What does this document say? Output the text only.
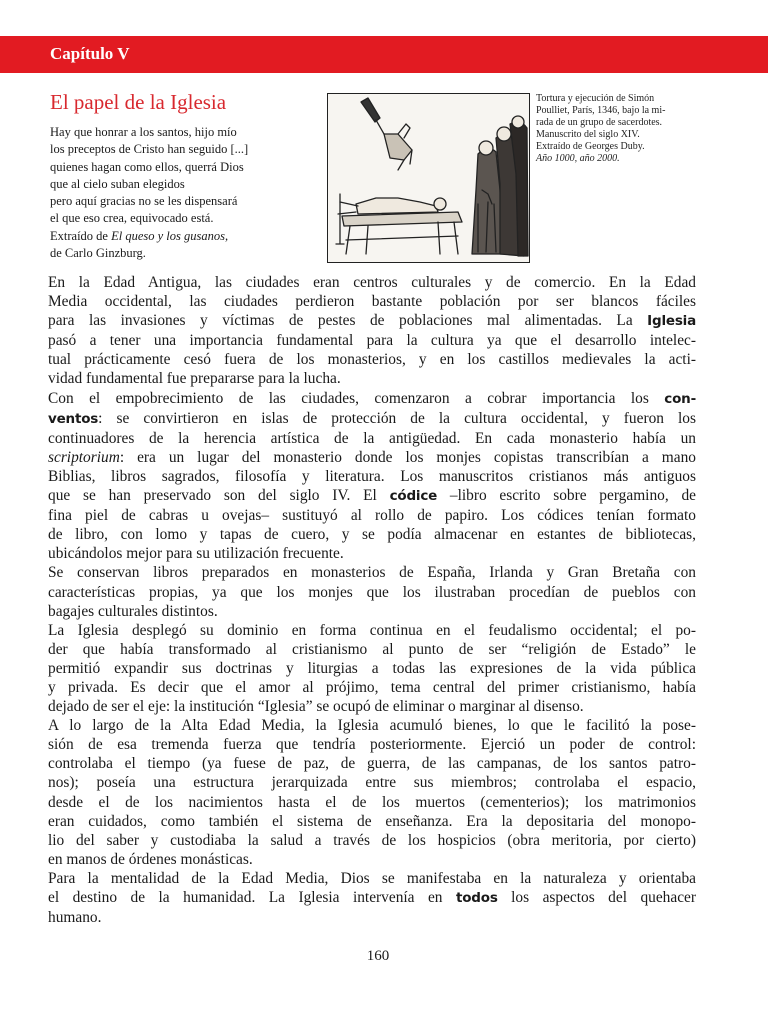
Capítulo V
El papel de la Iglesia
Hay que honrar a los santos, hijo mío
los preceptos de Cristo han seguido [...]
quienes hagan como ellos, querrá Dios
que al cielo suban elegidos
pero aquí gracias no se les dispensará
el que eso crea, equivocado está.
Extraído de El queso y los gusanos,
de Carlo Ginzburg.
Tortura y ejecución de Simón
Poulliet, París, 1346, bajo la mi-
rada de un grupo de sacerdotes.
Manuscrito del siglo XIV.
Extraído de Georges Duby.
Año 1000, año 2000.
En la Edad Antigua, las ciudades eran centros culturales y de comercio. En la Edad
Media occidental, las ciudades perdieron bastante población por ser blancos fáciles
para las invasiones y víctimas de pestes de poblaciones mal alimentadas. La Iglesia
pasó a tener una importancia fundamental para la cultura ya que el desarrollo intelec-
tual prácticamente cesó fuera de los monasterios, y en los castillos medievales la acti-
vidad fundamental fue prepararse para la lucha.
Con el empobrecimiento de las ciudades, comenzaron a cobrar importancia los con-
ventos: se convirtieron en islas de protección de la cultura occidental, y fueron los
continuadores de la herencia artística de la antigüedad. En cada monasterio había un
scriptorium: era un lugar del monasterio donde los monjes copistas transcribían a mano
Biblias, libros sagrados, filosofía y literatura. Los manuscritos cristianos más antiguos
que se han preservado son del siglo IV. El códice –libro escrito sobre pergamino, de
fina piel de cabras u ovejas– sustituyó al rollo de papiro. Los códices tenían formato
de libro, con lomo y tapas de cuero, y se podía almacenar en estantes de bibliotecas,
ubicándolos mejor para su utilización frecuente.
Se conservan libros preparados en monasterios de España, Irlanda y Gran Bretaña con
características propias, ya que los monjes que los ilustraban procedían de pueblos con
bagajes culturales distintos.
La Iglesia desplegó su dominio en forma continua en el feudalismo occidental; el po-
der que había transformado al cristianismo al punto de ser “religión de Estado” le
permitió expandir sus doctrinas y liturgias a todas las expresiones de la vida pública
y privada. Es decir que el amor al prójimo, tema central del primer cristianismo, había
dejado de ser el eje: la institución “Iglesia” se ocupó de eliminar o marginar al disenso.
A lo largo de la Alta Edad Media, la Iglesia acumuló bienes, lo que le facilitó la pose-
sión de esa tremenda fuerza que tendría posteriormente. Ejerció un poder de control:
controlaba el tiempo (ya fuese de paz, de guerra, de las campanas, de los santos patro-
nos); poseía una estructura jerarquizada entre sus miembros; controlaba el espacio,
desde el de los nacimientos hasta el de los muertos (cementerios); los matrimonios
eran cuidados, como también el sistema de enseñanza. Era la depositaria del monopo-
lio del saber y custodiaba la salud a través de los hospicios (obra meritoria, por cierto)
en manos de órdenes monásticas.
Para la mentalidad de la Edad Media, Dios se manifestaba en la naturaleza y orientaba
el destino de la humanidad. La Iglesia intervenía en todos los aspectos del quehacer
humano.
160
